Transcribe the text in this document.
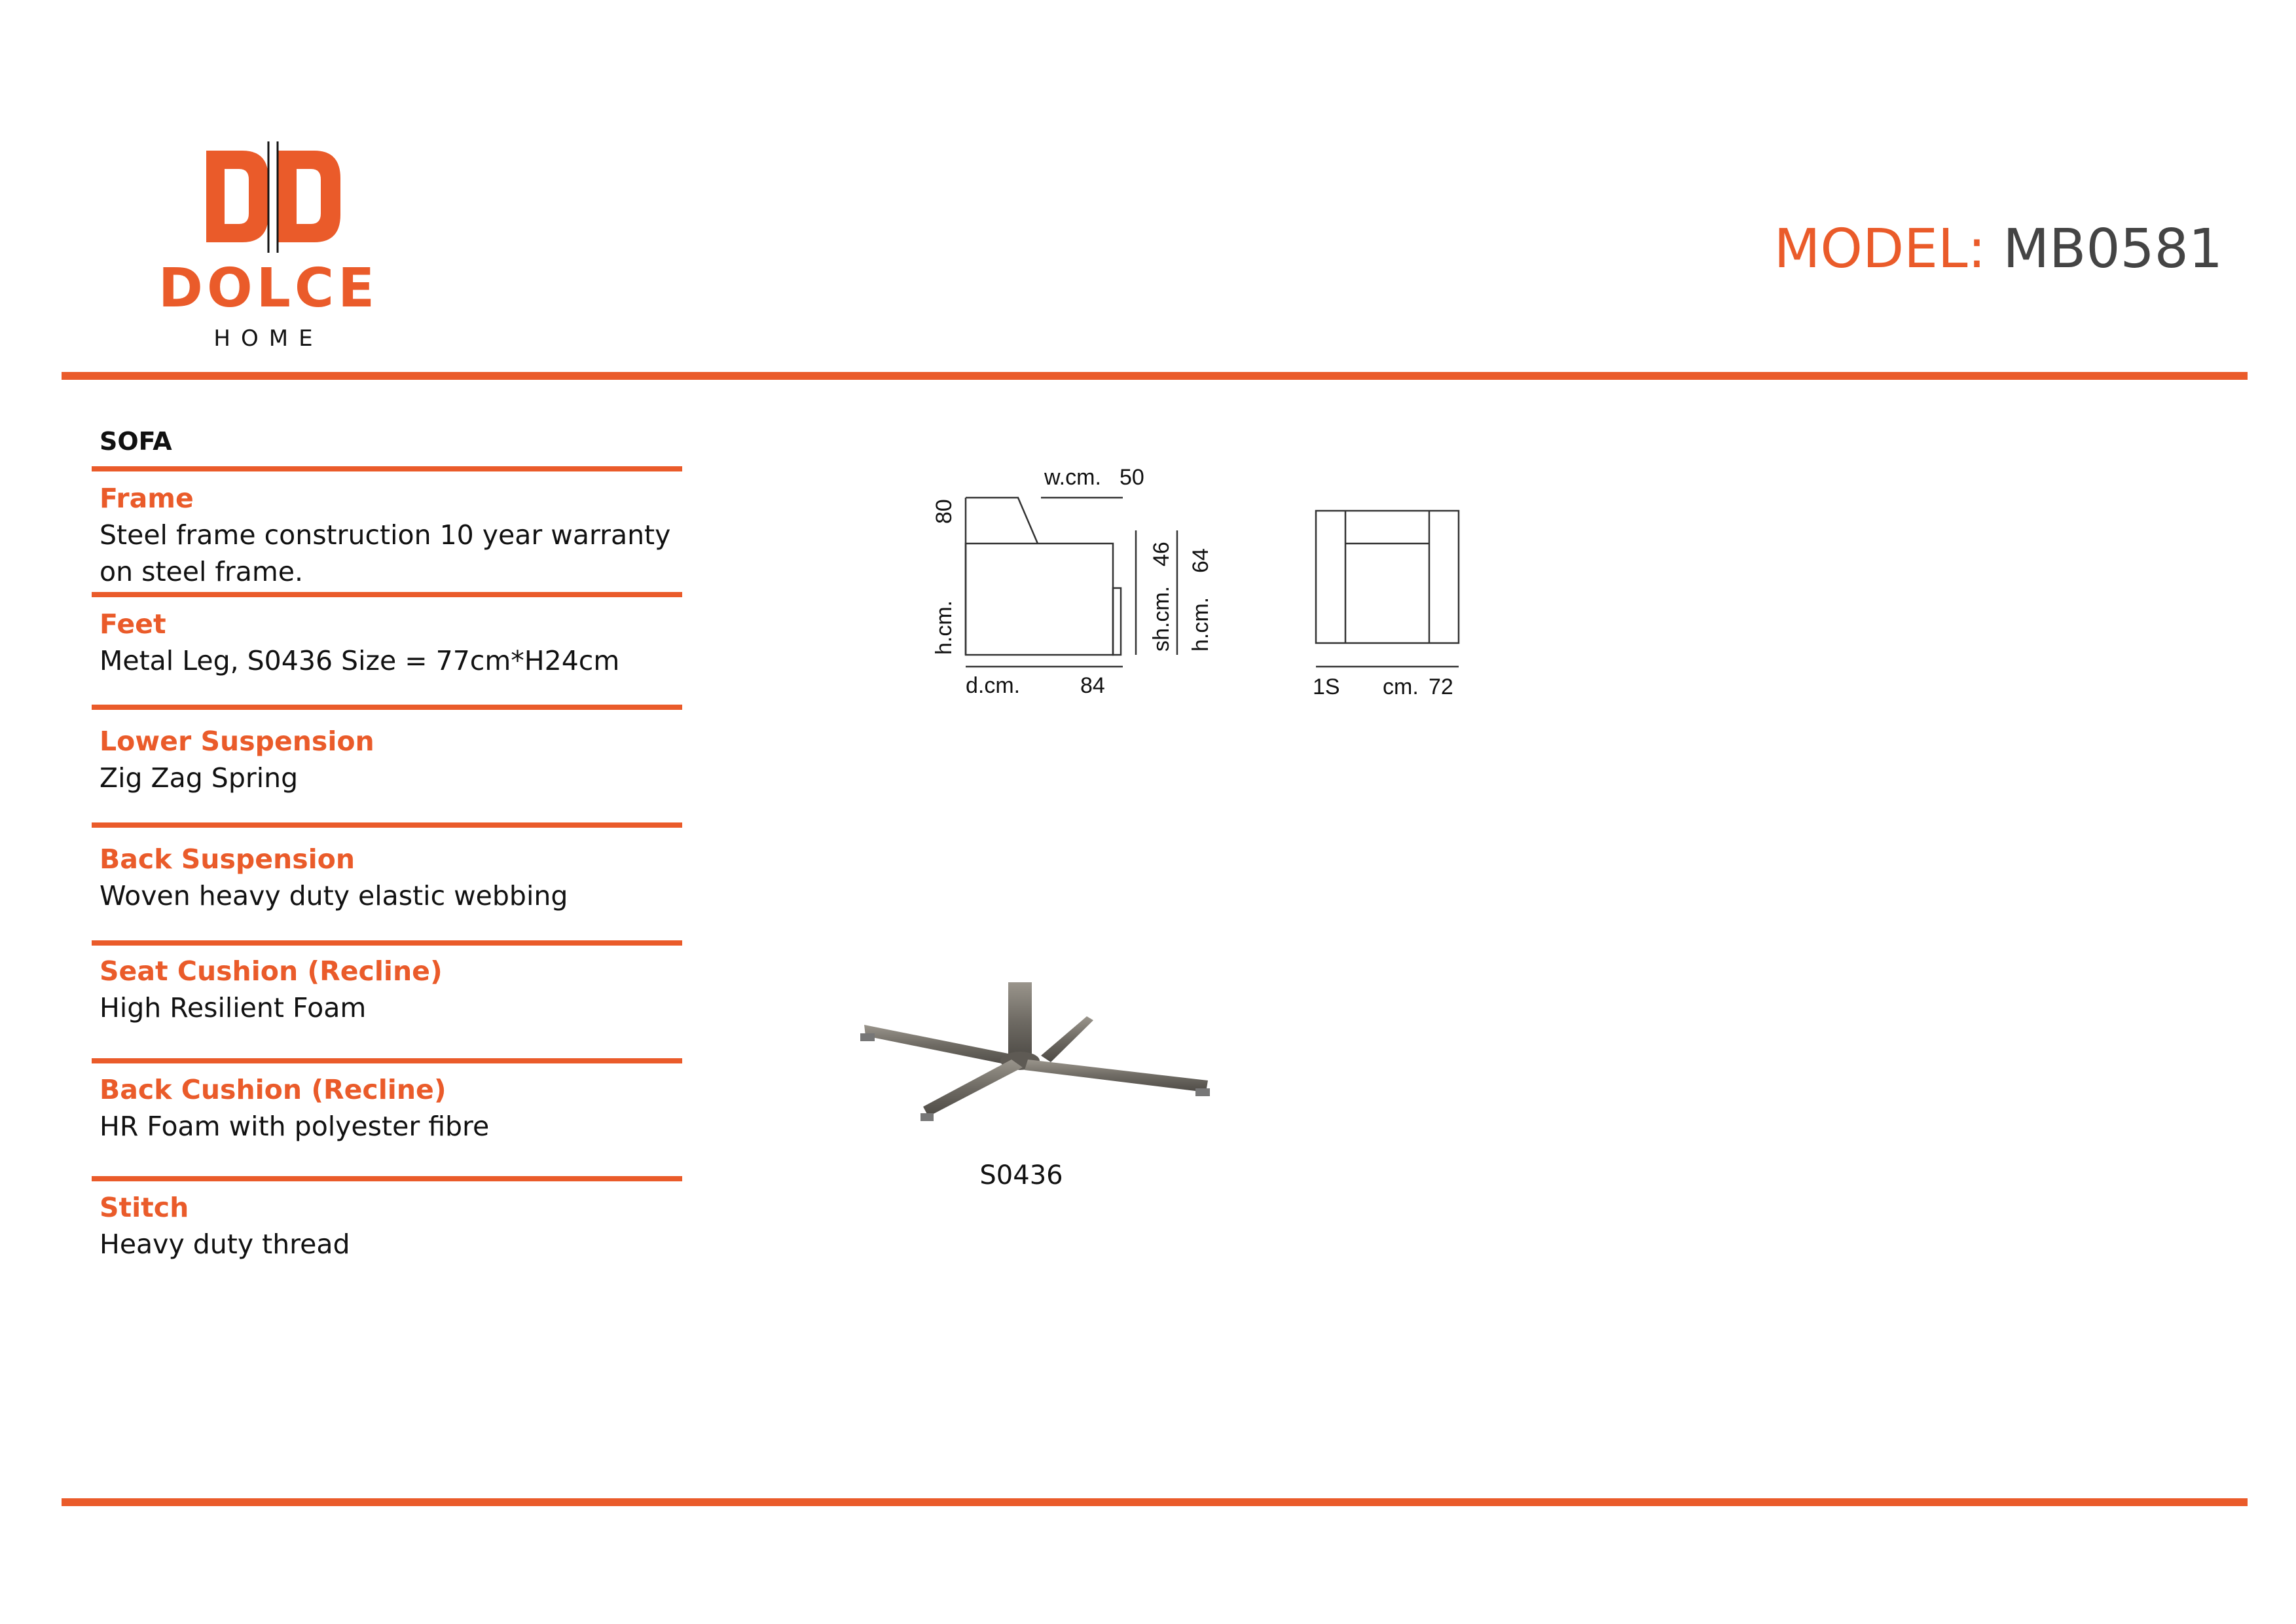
DOLCE
HOME
MODEL: MB0581
SOFA
Frame
Steel frame construction 10 year warranty on steel frame.
Feet
Metal Leg, S0436 Size = 77cm*H24cm
Lower Suspension
Zig Zag Spring
Back Suspension
Woven heavy duty elastic webbing
Seat Cushion (Recline)
High Resilient Foam
Back Cushion (Recline)
HR Foam with polyester fibre
Stitch
Heavy duty thread
w.cm. 50
h.cm.
80
sh.cm.
46
h.cm.
64
d.cm.	84	1S cm. 72
S0436
